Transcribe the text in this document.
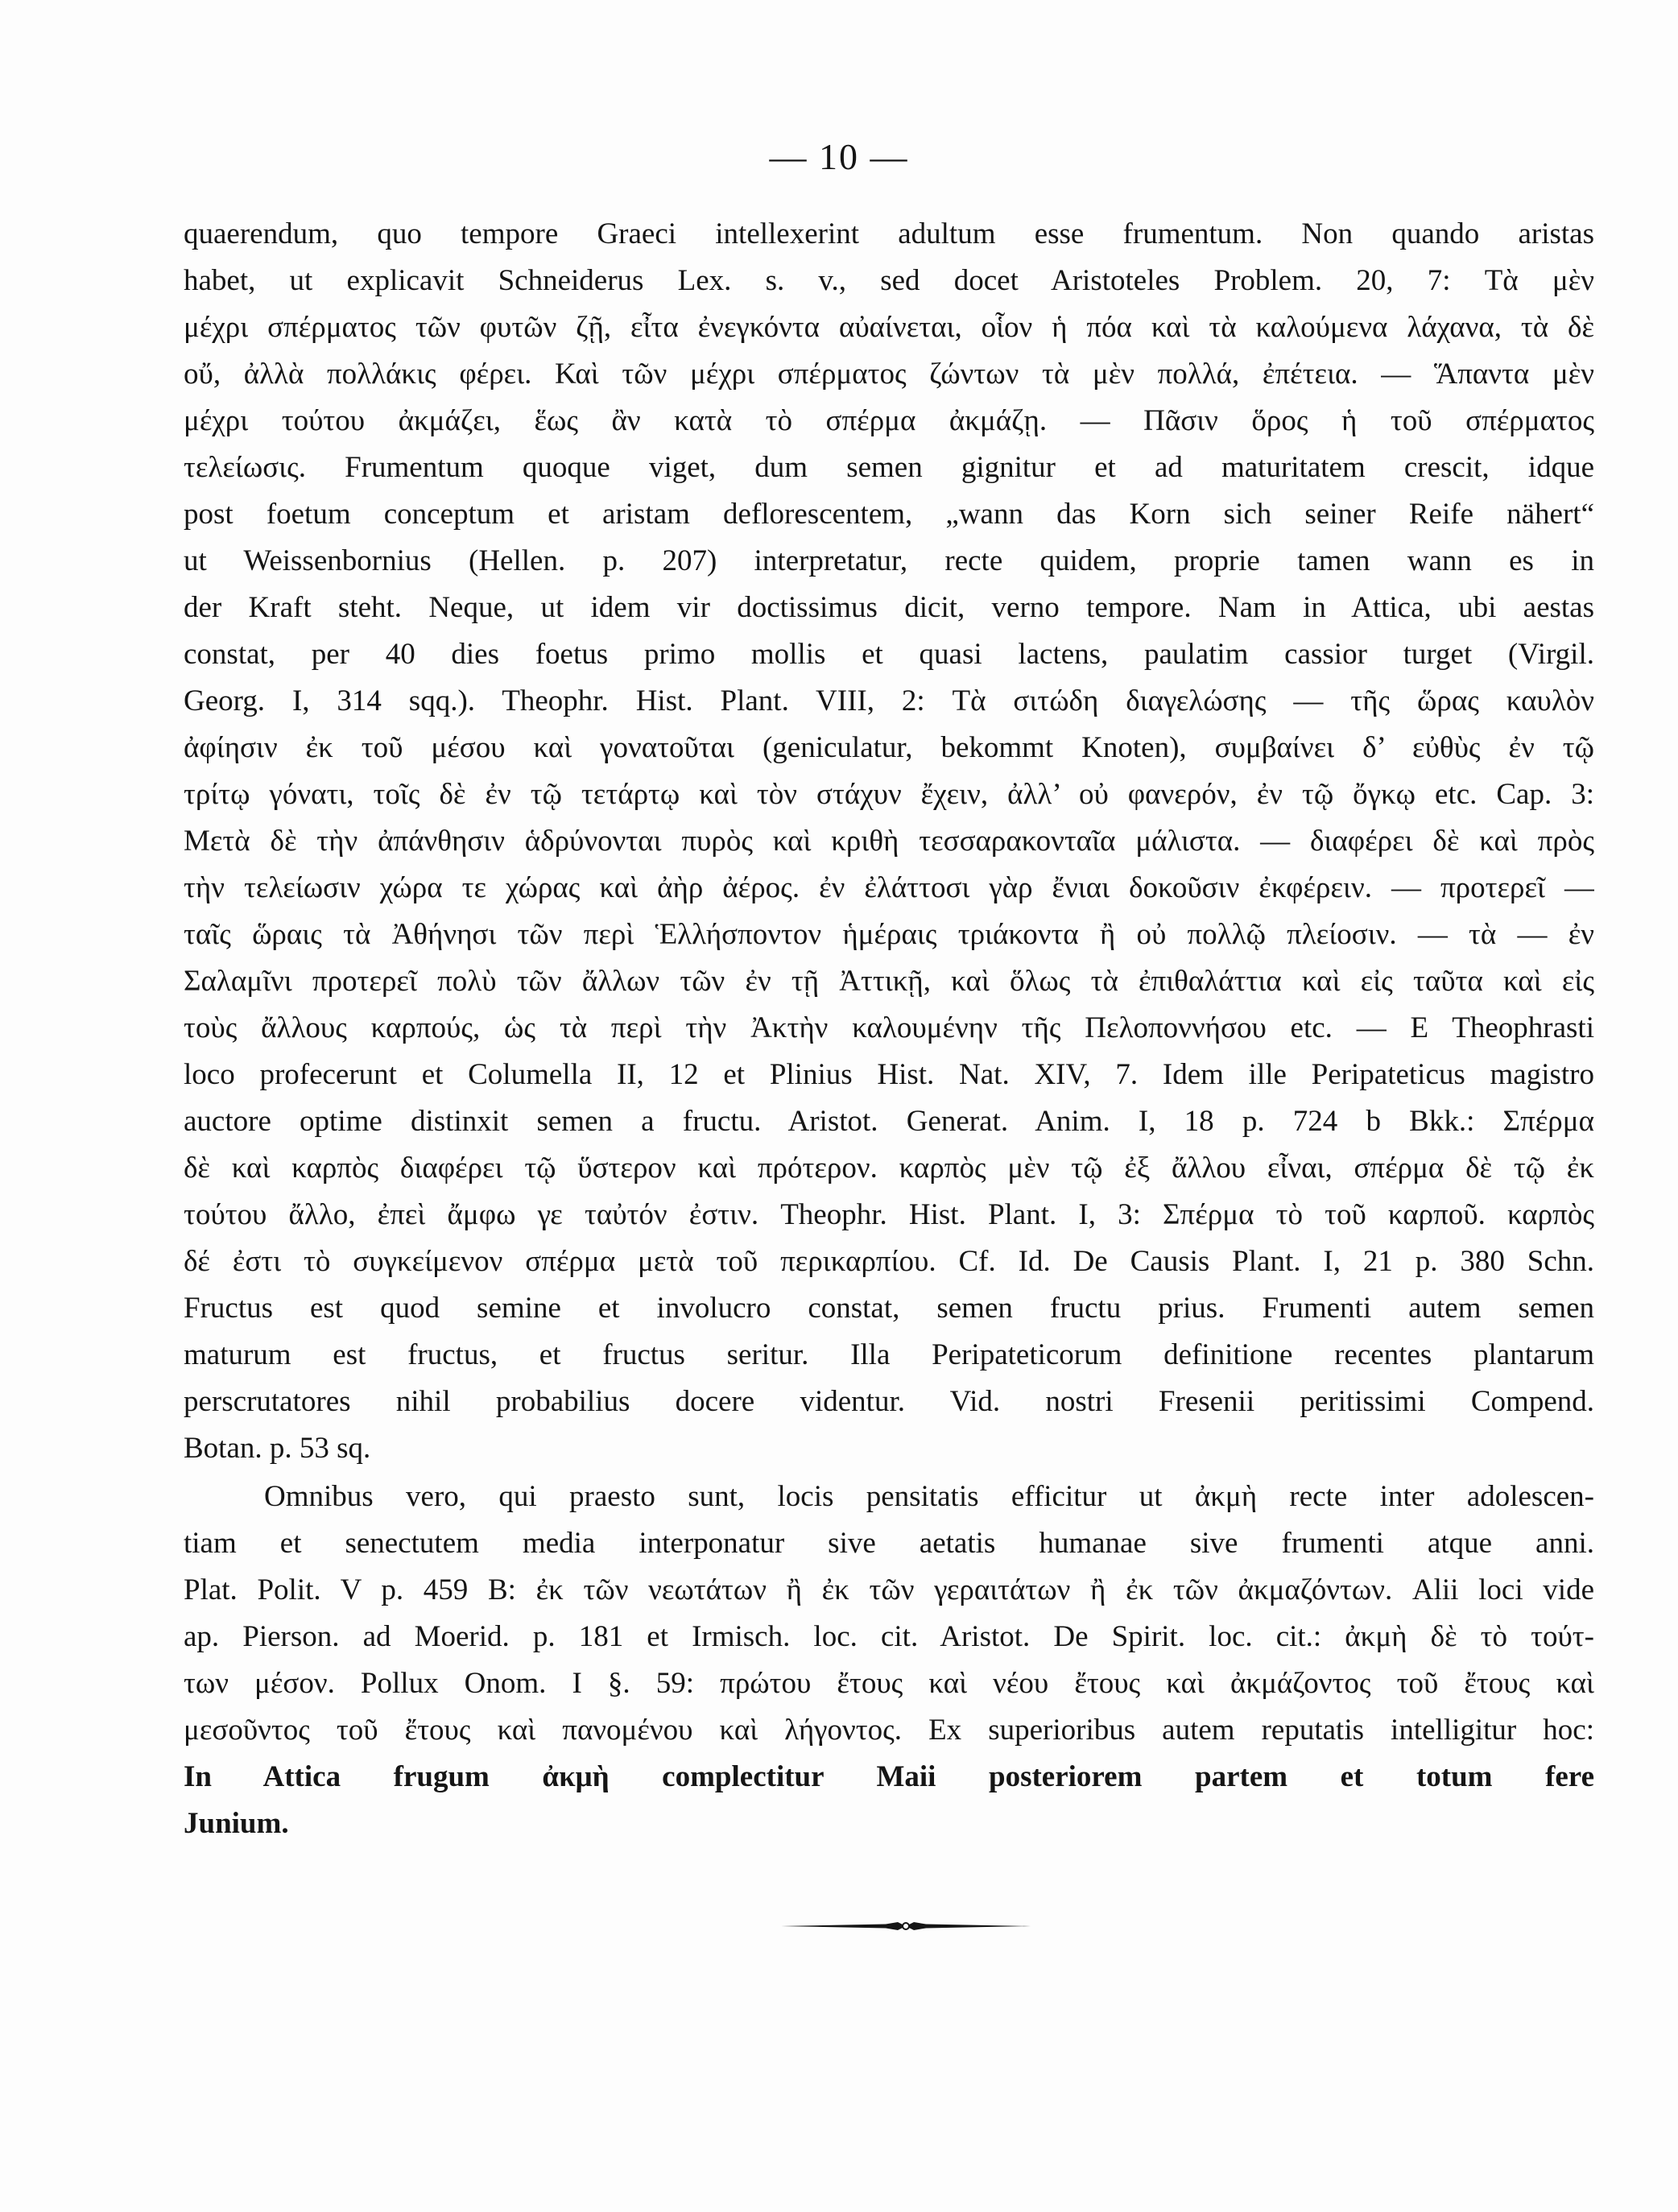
— 10 —
quaerendum, quo tempore Graeci intellexerint adultum esse frumentum. Non quando aristas
habet, ut explicavit Schneiderus Lex. s. v., sed docet Aristoteles Problem. 20, 7: Τὰ μὲν
μέχρι σπέρματος τῶν φυτῶν ζῇ, εἶτα ἐνεγκόντα αὐαίνεται, οἷον ἡ πόα καὶ τὰ καλούμενα λάχανα, τὰ δὲ
οὔ, ἀλλὰ πολλάκις φέρει. Καὶ τῶν μέχρι σπέρματος ζώντων τὰ μὲν πολλά, ἐπέτεια. — Ἅπαντα μὲν
μέχρι τούτου ἀκμάζει, ἕως ἂν κατὰ τὸ σπέρμα ἀκμάζῃ. — Πᾶσιν ὅρος ἡ τοῦ σπέρματος
τελείωσις. Frumentum quoque viget, dum semen gignitur et ad maturitatem crescit, idque
post foetum conceptum et aristam deflorescentem, „wann das Korn sich seiner Reife nähert“
ut Weissenbornius (Hellen. p. 207) interpretatur, recte quidem, proprie tamen wann es in
der Kraft steht. Neque, ut idem vir doctissimus dicit, verno tempore. Nam in Attica, ubi aestas
constat, per 40 dies foetus primo mollis et quasi lactens, paulatim cassior turget (Virgil.
Georg. I, 314 sqq.). Theophr. Hist. Plant. VIII, 2: Τὰ σιτώδη διαγελώσης — τῆς ὥρας καυλὸν
ἀφίησιν ἐκ τοῦ μέσου καὶ γονατοῦται (geniculatur, bekommt Knoten), συμβαίνει δ’ εὐθὺς ἐν τῷ
τρίτῳ γόνατι, τοῖς δὲ ἐν τῷ τετάρτῳ καὶ τὸν στάχυν ἔχειν, ἀλλ’ οὐ φανερόν, ἐν τῷ ὄγκῳ etc. Cap. 3:
Μετὰ δὲ τὴν ἀπάνθησιν ἁδρύνονται πυρὸς καὶ κριθὴ τεσσαρακονταῖα μάλιστα. — διαφέρει δὲ καὶ πρὸς
τὴν τελείωσιν χώρα τε χώρας καὶ ἀὴρ ἀέρος. ἐν ἐλάττοσι γὰρ ἔνιαι δοκοῦσιν ἐκφέρειν. — προτερεῖ —
ταῖς ὥραις τὰ Ἀθήνησι τῶν περὶ Ἑλλήσποντον ἡμέραις τριάκοντα ἢ οὐ πολλῷ πλείοσιν. — τὰ — ἐν
Σαλαμῖνι προτερεῖ πολὺ τῶν ἄλλων τῶν ἐν τῇ Ἀττικῇ, καὶ ὅλως τὰ ἐπιθαλάττια καὶ εἰς ταῦτα καὶ εἰς
τοὺς ἄλλους καρπούς, ὡς τὰ περὶ τὴν Ἀκτὴν καλουμένην τῆς Πελοποννήσου etc. — E Theophrasti
loco profecerunt et Columella II, 12 et Plinius Hist. Nat. XIV, 7. Idem ille Peripateticus magistro
auctore optime distinxit semen a fructu. Aristot. Generat. Anim. I, 18 p. 724 b Bkk.: Σπέρμα
δὲ καὶ καρπὸς διαφέρει τῷ ὕστερον καὶ πρότερον. καρπὸς μὲν τῷ ἐξ ἄλλου εἶναι, σπέρμα δὲ τῷ ἐκ
τούτου ἄλλο, ἐπεὶ ἄμφω γε ταὐτόν ἐστιν. Theophr. Hist. Plant. I, 3: Σπέρμα τὸ τοῦ καρποῦ. καρπὸς
δέ ἐστι τὸ συγκείμενον σπέρμα μετὰ τοῦ περικαρπίου. Cf. Id. De Causis Plant. I, 21 p. 380 Schn.
Fructus est quod semine et involucro constat, semen fructu prius. Frumenti autem semen
maturum est fructus, et fructus seritur. Illa Peripateticorum definitione recentes plantarum
perscrutatores nihil probabilius docere videntur. Vid. nostri Fresenii peritissimi Compend.
Botan. p. 53 sq.
Omnibus vero, qui praesto sunt, locis pensitatis efficitur ut ἀκμὴ recte inter adolescen-
tiam et senectutem media interponatur sive aetatis humanae sive frumenti atque anni.
Plat. Polit. V p. 459 B: ἐκ τῶν νεωτάτων ἢ ἐκ τῶν γεραιτάτων ἢ ἐκ τῶν ἀκμαζόντων. Alii loci vide
ap. Pierson. ad Moerid. p. 181 et Irmisch. loc. cit. Aristot. De Spirit. loc. cit.: ἀκμὴ δὲ τὸ τούτ-
των μέσον. Pollux Onom. I §. 59: πρώτου ἔτους καὶ νέου ἔτους καὶ ἀκμάζοντος τοῦ ἔτους καὶ
μεσοῦντος τοῦ ἔτους καὶ πανομένου καὶ λήγοντος. Ex superioribus autem reputatis intelligitur hoc:
In Attica frugum ἀκμὴ complectitur Maii posteriorem partem et totum fere
Junium.
